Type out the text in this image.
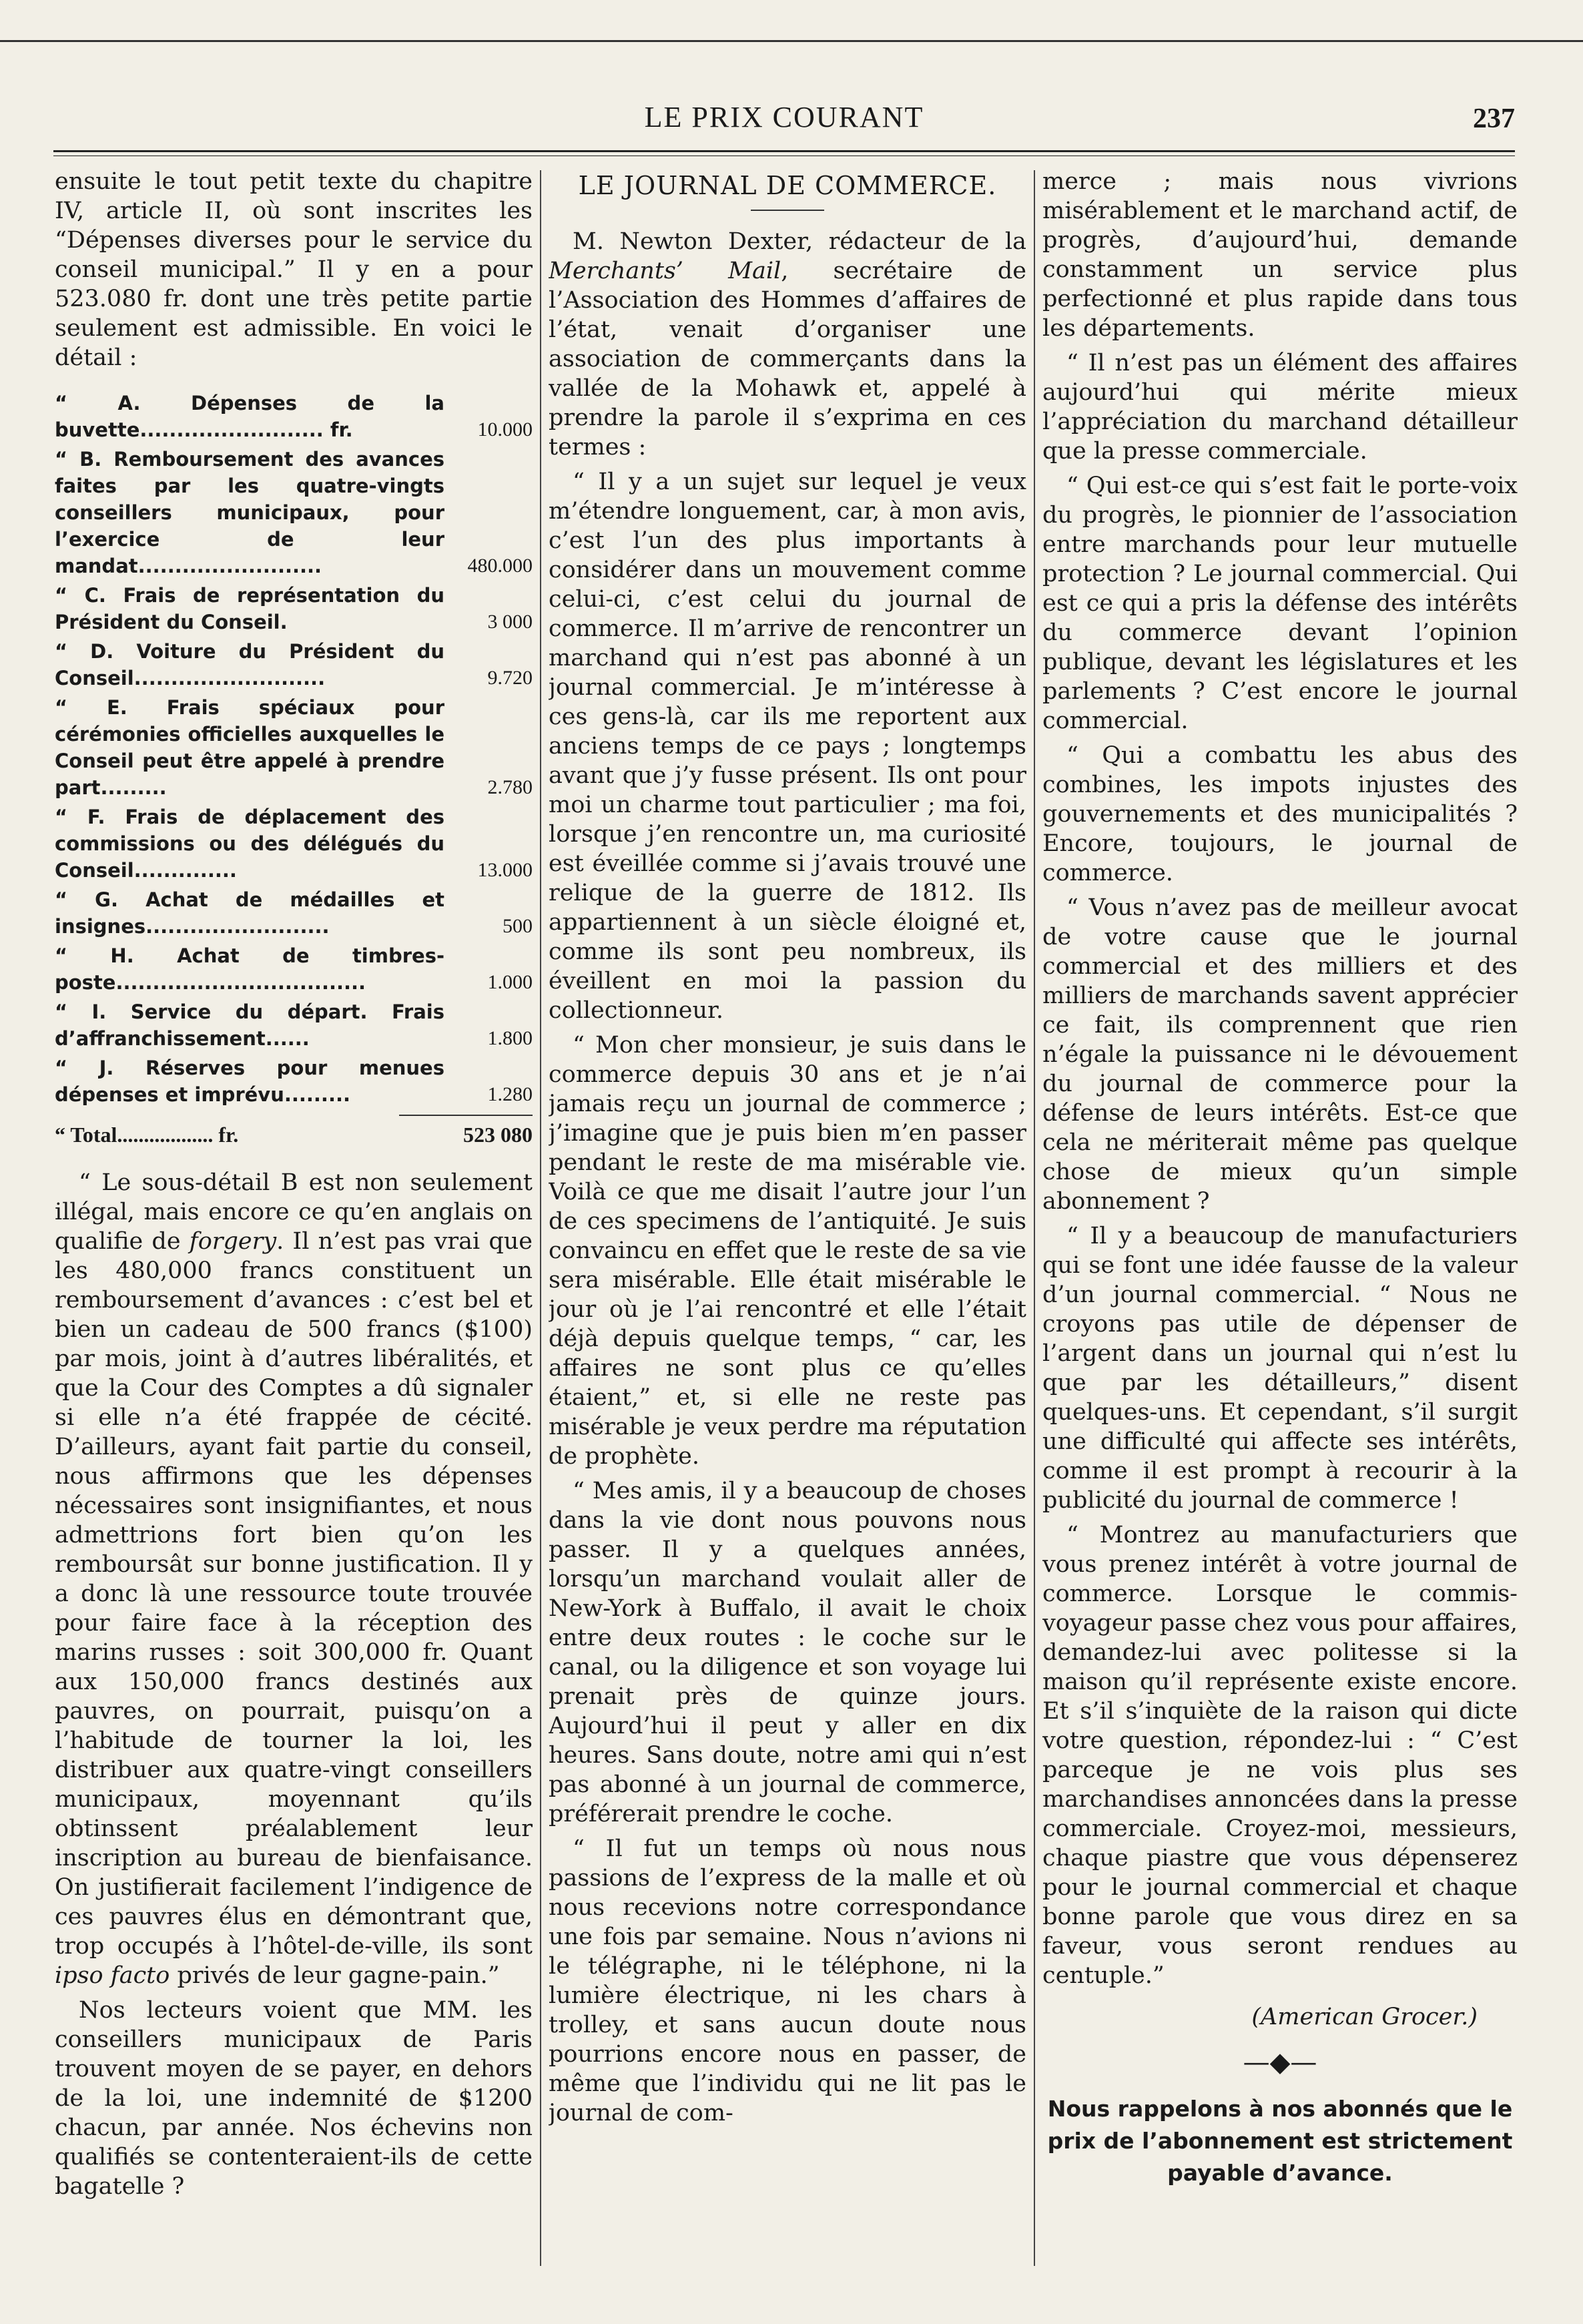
LE PRIX COURANT	237

ensuite le tout petit texte du chapitre IV, article II, où sont inscrites les “Dépenses diverses pour le service du conseil municipal.” Il y en a pour 523.080 fr. dont une très petite partie seulement est admissible. En voici le détail :

“ A. Dépenses de la buvette......................... fr.	10.000
“ B. Remboursement des avances faites par les quatre-vingts conseillers municipaux, pour l’exercice de leur mandat.........................	480.000
“ C. Frais de représentation du Président du Conseil.	3 000
“ D. Voiture du Président du Conseil..........................	9.720
“ E. Frais spéciaux pour cérémonies officielles auxquelles le Conseil peut être appelé à prendre part.........	2.780
“ F. Frais de déplacement des commissions ou des délégués du Conseil..............	13.000
“ G. Achat de médailles et insignes.........................	500
“ H. Achat de timbres-poste..................................	1.000
“ I. Service du départ. Frais d’affranchissement......	1.800
“ J. Réserves pour menues dépenses et imprévu.........	1.280
“ Total.................. fr.	523 080

“ Le sous-détail B est non seulement illégal, mais encore ce qu’en anglais on qualifie de forgery. Il n’est pas vrai que les 480,000 francs constituent un remboursement d’avances : c’est bel et bien un cadeau de 500 francs ($100) par mois, joint à d’autres libéralités, et que la Cour des Comptes a dû signaler si elle n’a été frappée de cécité. D’ailleurs, ayant fait partie du conseil, nous affirmons que les dépenses nécessaires sont insignifiantes, et nous admettrions fort bien qu’on les remboursât sur bonne justification. Il y a donc là une ressource toute trouvée pour faire face à la réception des marins russes : soit 300,000 fr. Quant aux 150,000 francs destinés aux pauvres, on pourrait, puisqu’on a l’habitude de tourner la loi, les distribuer aux quatre-vingt conseillers municipaux, moyennant qu’ils obtinssent préalablement leur inscription au bureau de bienfaisance. On justifierait facilement l’indigence de ces pauvres élus en démontrant que, trop occupés à l’hôtel-de-ville, ils sont ipso facto privés de leur gagne-pain.”

Nos lecteurs voient que MM. les conseillers municipaux de Paris trouvent moyen de se payer, en dehors de la loi, une indemnité de $1200 chacun, par année. Nos échevins non qualifiés se contenteraient-ils de cette bagatelle ?

LE JOURNAL DE COMMERCE.

M. Newton Dexter, rédacteur de la Merchants’ Mail, secrétaire de l’Association des Hommes d’affaires de l’état, venait d’organiser une association de commerçants dans la vallée de la Mohawk et, appelé à prendre la parole il s’exprima en ces termes :

“ Il y a un sujet sur lequel je veux m’étendre longuement, car, à mon avis, c’est l’un des plus importants à considérer dans un mouvement comme celui-ci, c’est celui du journal de commerce. Il m’arrive de rencontrer un marchand qui n’est pas abonné à un journal commercial. Je m’intéresse à ces gens-là, car ils me reportent aux anciens temps de ce pays ; longtemps avant que j’y fusse présent. Ils ont pour moi un charme tout particulier ; ma foi, lorsque j’en rencontre un, ma curiosité est éveillée comme si j’avais trouvé une relique de la guerre de 1812. Ils appartiennent à un siècle éloigné et, comme ils sont peu nombreux, ils éveillent en moi la passion du collectionneur.

“ Mon cher monsieur, je suis dans le commerce depuis 30 ans et je n’ai jamais reçu un journal de commerce ; j’imagine que je puis bien m’en passer pendant le reste de ma misérable vie. Voilà ce que me disait l’autre jour l’un de ces specimens de l’antiquité. Je suis convaincu en effet que le reste de sa vie sera misérable. Elle était misérable le jour où je l’ai rencontré et elle l’était déjà depuis quelque temps, “ car, les affaires ne sont plus ce qu’elles étaient,” et, si elle ne reste pas misérable je veux perdre ma réputation de prophète.

“ Mes amis, il y a beaucoup de choses dans la vie dont nous pouvons nous passer. Il y a quelques années, lorsqu’un marchand voulait aller de New-York à Buffalo, il avait le choix entre deux routes : le coche sur le canal, ou la diligence et son voyage lui prenait près de quinze jours. Aujourd’hui il peut y aller en dix heures. Sans doute, notre ami qui n’est pas abonné à un journal de commerce, préférerait prendre le coche.

“ Il fut un temps où nous nous passions de l’express de la malle et où nous recevions notre correspondance une fois par semaine. Nous n’avions ni le télégraphe, ni le téléphone, ni la lumière électrique, ni les chars à trolley, et sans aucun doute nous pourrions encore nous en passer, de même que l’individu qui ne lit pas le journal de com-

merce ; mais nous vivrions misérablement et le marchand actif, de progrès, d’aujourd’hui, demande constamment un service plus perfectionné et plus rapide dans tous les départements.

“ Il n’est pas un élément des affaires aujourd’hui qui mérite mieux l’appréciation du marchand détailleur que la presse commerciale.

“ Qui est-ce qui s’est fait le porte-voix du progrès, le pionnier de l’association entre marchands pour leur mutuelle protection ? Le journal commercial. Qui est ce qui a pris la défense des intérêts du commerce devant l’opinion publique, devant les législatures et les parlements ? C’est encore le journal commercial.

“ Qui a combattu les abus des combines, les impots injustes des gouvernements et des municipalités ? Encore, toujours, le journal de commerce.

“ Vous n’avez pas de meilleur avocat de votre cause que le journal commercial et des milliers et des milliers de marchands savent apprécier ce fait, ils comprennent que rien n’égale la puissance ni le dévouement du journal de commerce pour la défense de leurs intérêts. Est-ce que cela ne mériterait même pas quelque chose de mieux qu’un simple abonnement ?

“ Il y a beaucoup de manufacturiers qui se font une idée fausse de la valeur d’un journal commercial. “ Nous ne croyons pas utile de dépenser de l’argent dans un journal qui n’est lu que par les détailleurs,” disent quelques-uns. Et cependant, s’il surgit une difficulté qui affecte ses intérêts, comme il est prompt à recourir à la publicité du journal de commerce !

“ Montrez au manufacturiers que vous prenez intérêt à votre journal de commerce. Lorsque le commis-voyageur passe chez vous pour affaires, demandez-lui avec politesse si la maison qu’il représente existe encore. Et s’il s’inquiète de la raison qui dicte votre question, répondez-lui : “ C’est parceque je ne vois plus ses marchandises annoncées dans la presse commerciale. Croyez-moi, messieurs, chaque piastre que vous dépenserez pour le journal commercial et chaque bonne parole que vous direz en sa faveur, vous seront rendues au centuple.”

(American Grocer.)
—◆—
Nous rappelons à nos abonnés que le prix de l’abonnement est strictement payable d’avance.
